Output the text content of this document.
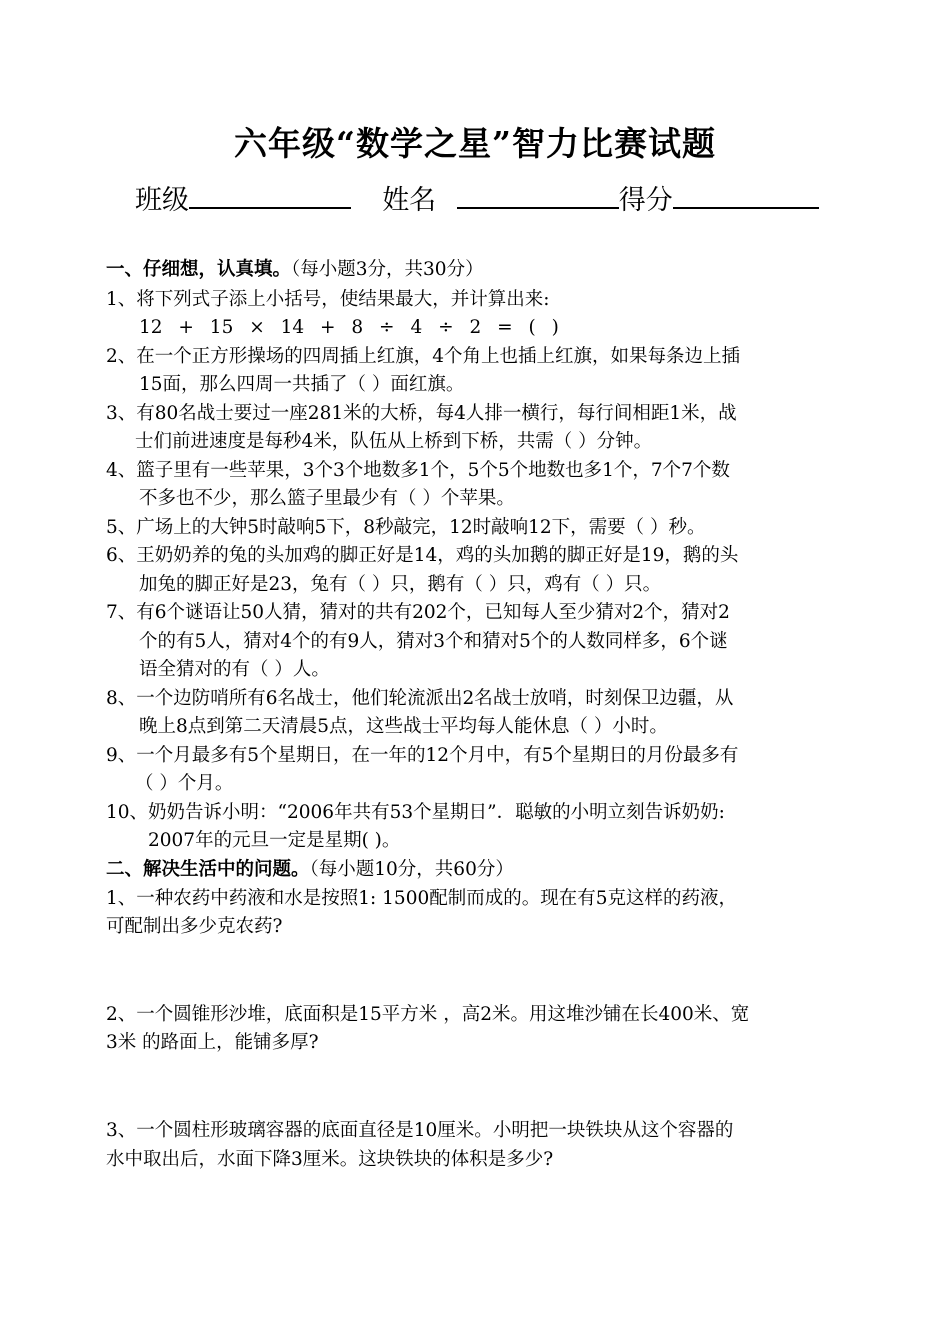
六年级“数学之星”智力比赛试题
班级	姓名	得分
一、仔细想，认真填。（每小题3分，共30分）
1、将下列式子添上小括号，使结果最大，并计算出来:
12 + 15 × 14 + 8 ÷ 4 ÷ 2 = ( )
2、在一个正方形操场的四周插上红旗，4个角上也插上红旗，如果每条边上插
15面，那么四周一共插了（ ）面红旗。
3、有80名战士要过一座281米的大桥，每4人排一横行，每行间相距1米，战
士们前进速度是每秒4米，队伍从上桥到下桥，共需（ ）分钟。
4、篮子里有一些苹果，3个3个地数多1个，5个5个地数也多1个，7个7个数
不多也不少，那么篮子里最少有（ ）个苹果。
5、广场上的大钟5时敲响5下，8秒敲完，12时敲响12下，需要（ ）秒。
6、王奶奶养的兔的头加鸡的脚正好是14，鸡的头加鹅的脚正好是19，鹅的头
加兔的脚正好是23，兔有（ ）只，鹅有（ ）只，鸡有（ ）只。
7、有6个谜语让50人猜，猜对的共有202个，已知每人至少猜对2个，猜对2
个的有5人，猜对4个的有9人，猜对3个和猜对5个的人数同样多，6个谜
语全猜对的有（ ）人。
8、一个边防哨所有6名战士，他们轮流派出2名战士放哨，时刻保卫边疆，从
晚上8点到第二天清晨5点，这些战士平均每人能休息（ ）小时。
9、一个月最多有5个星期日，在一年的12个月中，有5个星期日的月份最多有
（ ）个月。
10、奶奶告诉小明：“2006年共有53个星期日”．聪敏的小明立刻告诉奶奶:
2007年的元旦一定是星期( )。
二、解决生活中的问题。（每小题10分，共60分）
1、一种农药中药液和水是按照1: 1500配制而成的。现在有5克这样的药液，
可配制出多少克农药?
2、一个圆锥形沙堆，底面积是15平方米 ，高2米。用这堆沙铺在长400米、宽
3米 的路面上，能铺多厚?
3、一个圆柱形玻璃容器的底面直径是10厘米。小明把一块铁块从这个容器的
水中取出后，水面下降3厘米。这块铁块的体积是多少?
